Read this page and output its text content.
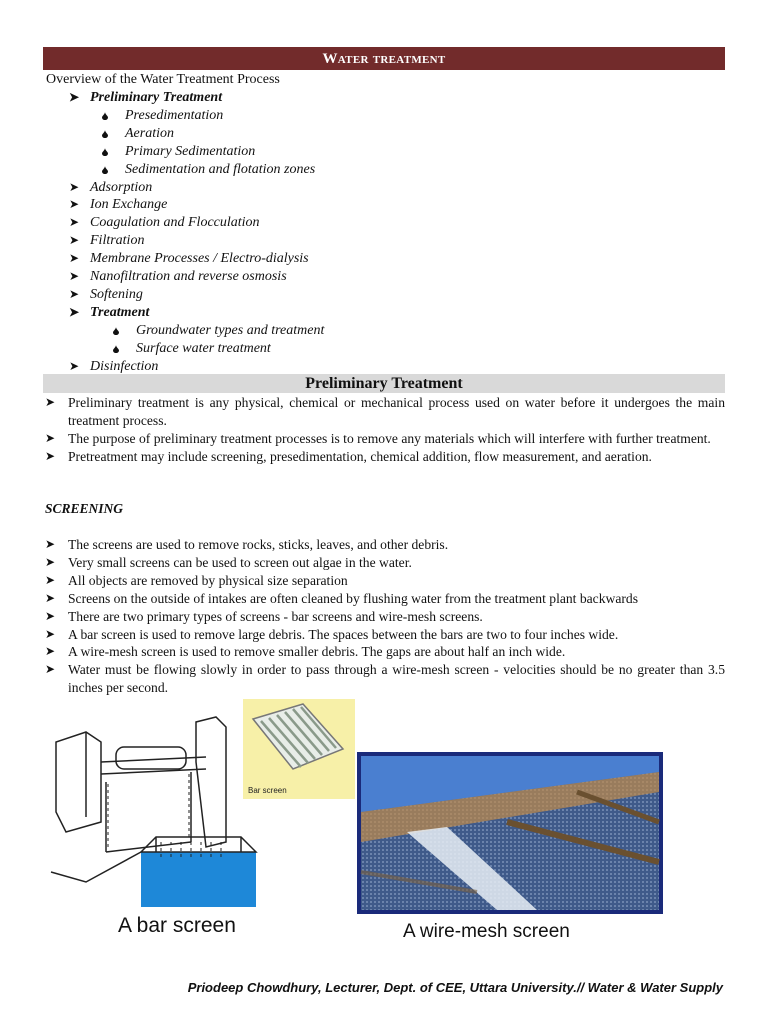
Water treatment
Overview of the Water Treatment Process
➤ Preliminary Treatment
Presedimentation
Aeration
Primary Sedimentation
Sedimentation and flotation zones
➤ Adsorption
➤ Ion Exchange
➤ Coagulation and Flocculation
➤ Filtration
➤ Membrane Processes / Electro-dialysis
➤ Nanofiltration and reverse osmosis
➤ Softening
➤ Treatment
Groundwater types and treatment
Surface water treatment
➤ Disinfection
Preliminary Treatment
➤ Preliminary treatment is any physical, chemical or mechanical process used on water before it undergoes the main treatment process.
➤ The purpose of preliminary treatment processes is to remove any materials which will interfere with further treatment.
➤ Pretreatment may include screening, presedimentation, chemical addition, flow measurement, and aeration.
SCREENING
➤ The screens are used to remove rocks, sticks, leaves, and other debris.
➤ Very small screens can be used to screen out algae in the water.
➤ All objects are removed by physical size separation
➤ Screens on the outside of intakes are often cleaned by flushing water from the treatment plant backwards
➤ There are two primary types of screens - bar screens and wire-mesh screens.
➤ A bar screen is used to remove large debris. The spaces between the bars are two to four inches wide.
➤ A wire-mesh screen is used to remove smaller debris. The gaps are about half an inch wide.
➤ Water must be flowing slowly in order to pass through a wire-mesh screen - velocities should be no greater than 3.5 inches per second.
Bar screen
A bar screen	A wire-mesh screen
Priodeep Chowdhury, Lecturer, Dept. of CEE, Uttara University.// Water & Water Supply
